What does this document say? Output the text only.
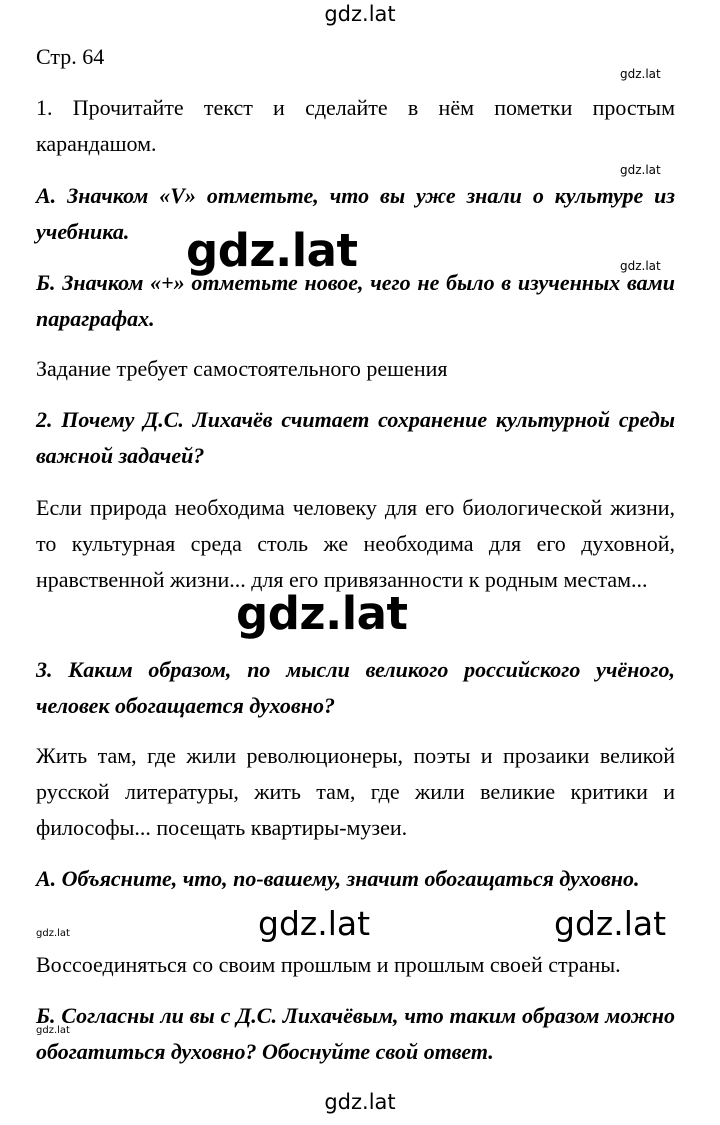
gdz.lat
gdz.lat
gdz.lat
gdz.lat
Стр. 64
1. Прочитайте текст и сделайте в нём пометки простым карандашом.
А. Значком «V» отметьте, что вы уже знали о культуре из учебника.
Б. Значком «+» отметьте новое, чего не было в изученных вами параграфах.
Задание требует самостоятельного решения
2. Почему Д.С. Лихачёв считает сохранение культурной среды важной задачей?
Если природа необходима человеку для его биологической жизни, то культурная среда столь же необходима для его духовной, нравственной жизни... для его привязанности к родным местам...
3. Каким образом, по мысли великого российского учёного, человек обогащается духовно?
Жить там, где жили революционеры, поэты и прозаики великой русской литературы, жить там, где жили великие критики и философы... посещать квартиры-музеи.
А. Объясните, что, по-вашему, значит обогащаться духовно.
Воссоединяться со своим прошлым и прошлым своей страны.
Б. Согласны ли вы с Д.С. Лихачёвым, что таким образом можно обогатиться духовно? Обоснуйте свой ответ.
gdz.lat
gdz.lat
gdz.lat	gdz.lat
gdz.lat
gdz.lat
gdz.lat
